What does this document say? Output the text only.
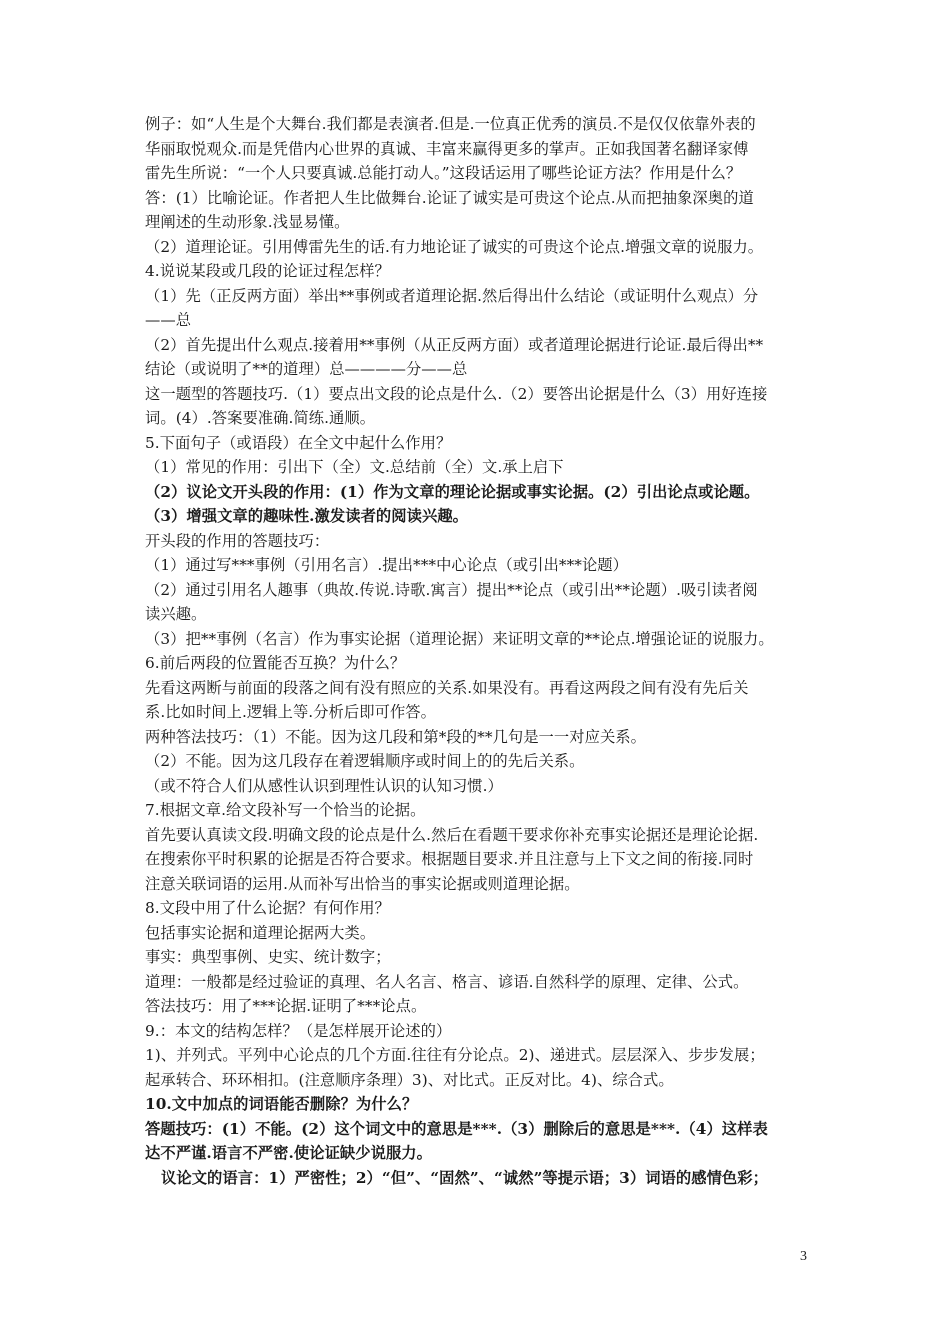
例子：如“人生是个大舞台.我们都是表演者.但是.一位真正优秀的演员.不是仅仅依靠外表的
华丽取悦观众.而是凭借内心世界的真诚、丰富来赢得更多的掌声。正如我国著名翻译家傅
雷先生所说：“一个人只要真诚.总能打动人。”这段话运用了哪些论证方法？作用是什么？
答：(1）比喻论证。作者把人生比做舞台.论证了诚实是可贵这个论点.从而把抽象深奥的道
理阐述的生动形象.浅显易懂。
（2）道理论证。引用傅雷先生的话.有力地论证了诚实的可贵这个论点.增强文章的说服力。
4.说说某段或几段的论证过程怎样？
（1）先（正反两方面）举出**事例或者道理论据.然后得出什么结论（或证明什么观点）分
——总
（2）首先提出什么观点.接着用**事例（从正反两方面）或者道理论据进行论证.最后得出**
结论（或说明了**的道理）总————分——总
这一题型的答题技巧.（1）要点出文段的论点是什么.（2）要答出论据是什么（3）用好连接
词。(4）.答案要准确.简练.通顺。
5.下面句子（或语段）在全文中起什么作用？
（1）常见的作用：引出下（全）文.总结前（全）文.承上启下
（2）议论文开头段的作用：(1）作为文章的理论论据或事实论据。(2）引出论点或论题。
（3）增强文章的趣味性.激发读者的阅读兴趣。
开头段的作用的答题技巧：
（1）通过写***事例（引用名言）.提出***中心论点（或引出***论题）
（2）通过引用名人趣事（典故.传说.诗歌.寓言）提出**论点（或引出**论题）.吸引读者阅
读兴趣。
（3）把**事例（名言）作为事实论据（道理论据）来证明文章的**论点.增强论证的说服力。
6.前后两段的位置能否互换？为什么？
先看这两断与前面的段落之间有没有照应的关系.如果没有。再看这两段之间有没有先后关
系.比如时间上.逻辑上等.分析后即可作答。
两种答法技巧：（1）不能。因为这几段和第*段的**几句是一一对应关系。
（2）不能。因为这几段存在着逻辑顺序或时间上的的先后关系。
（或不符合人们从感性认识到理性认识的认知习惯.）
7.根据文章.给文段补写一个恰当的论据。
首先要认真读文段.明确文段的论点是什么.然后在看题干要求你补充事实论据还是理论论据.
在搜索你平时积累的论据是否符合要求。根据题目要求.并且注意与上下文之间的衔接.同时
注意关联词语的运用.从而补写出恰当的事实论据或则道理论据。
8.文段中用了什么论据？有何作用？
包括事实论据和道理论据两大类。
事实：典型事例、史实、统计数字；
道理：一般都是经过验证的真理、名人名言、格言、谚语.自然科学的原理、定律、公式。
答法技巧：用了***论据.证明了***论点。
9.：本文的结构怎样？（是怎样展开论述的）
1)、并列式。平列中心论点的几个方面.往往有分论点。2)、递进式。层层深入、步步发展；
起承转合、环环相扣。(注意顺序条理）3)、对比式。正反对比。4)、综合式。
10.文中加点的词语能否删除？为什么？
答题技巧：(1）不能。(2）这个词文中的意思是***.（3）删除后的意思是***.（4）这样表
达不严谨.语言不严密.使论证缺少说服力。
议论文的语言：1）严密性；2）“但”、“固然”、“诚然”等提示语；3）词语的感情色彩；
3
